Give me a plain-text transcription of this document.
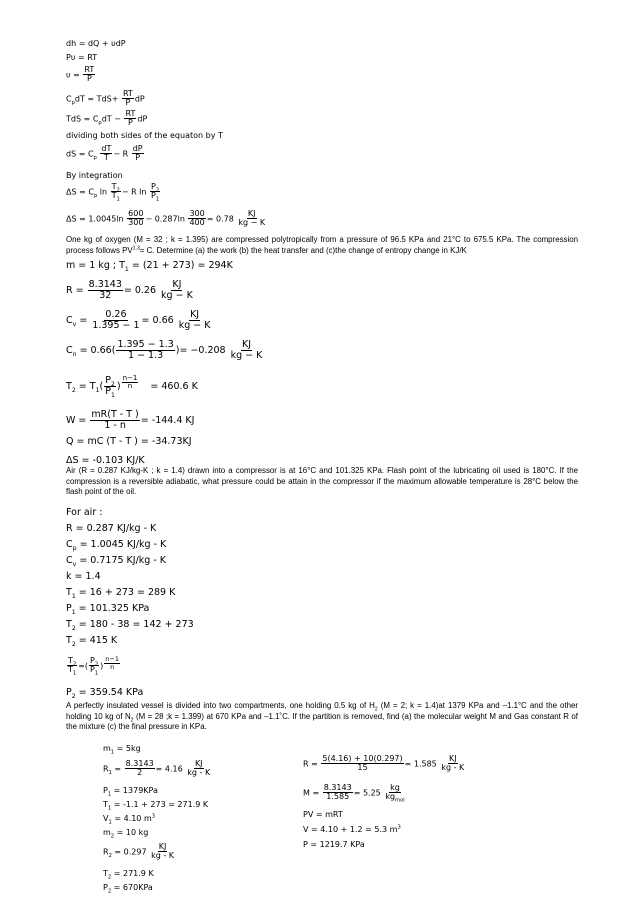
dh = dQ + υdP
Pυ = RT
$\upsilon = \frac{RT}{P}$
$C_pdT = TdS+ \frac{RT}{P}$ dP
TdS = $C_pdT - \frac{RT}{P}$ dP
dividing both sides of the equaton by T
dS = $C_p \frac{dT}{T} - R \frac{dP}{P}$
By integration
$\Delta S = C_p$ $\ln \frac{T_2}{T_1} - R$ $\ln \frac{P_2}{P_1}$
$\Delta S = 1.0045\ln \frac{600}{300} - 0.287\ln \frac{300}{400} = 0.78 \frac{KJ}{kg - K}$
One kg of oxygen (M = 32 ; k = 1.395) are compressed polytropically from a pressure of 96.5 KPa and 21°C to 675.5 KPa. The compression process follows $PV^{1.3}= C$. Determine (a) the work (b) the heat transfer and (c)the change of entropy change in KJ/K
m = 1 kg ; $T_1 = (21 + 273) = 294K$
$R = \frac{8.3143}{32} = 0.26 \frac{KJ}{kg - K}$
$C_v = \frac{0.26}{1.395 - 1} = 0.66 \frac{KJ}{kg - K}$
$C_n = 0.66( \frac{1.395 - 1.3}{1 - 1.3}$ )= $-0.208 \frac{KJ}{kg - K}$
$T_2 = T_1( \frac{P_2}{P_1}$ ) $^{\frac{n-1}{n}}$ = 460.6 K
$W = \frac{mR(T - T )}{1 - n} = -144.4$ KJ
Q = mC (T - T ) = -34.73KJ
ΔS = -0.103 KJ/K
Air (R = 0.287 KJ/kg-K ; k = 1.4) drawn into a compressor is at 16°C and 101.325 KPa. Flash point of the lubricating oil used is 180°C. If the compression is a reversible adiabatic, what pressure could be attain in the compressor if the maximum allowable temperature is 28°C below the flash point of the oil.
For air :
R = 0.287 KJ/kg - K
$C_p = 1.0045$ KJ/kg - K
$C_v = 0.7175$ KJ/kg - K
k = 1.4
$T_1 = 16 + 273 = 289$ K
$P_1 = 101.325$ KPa
$T_2 = 180 - 38 = 142 + 273$
$T_2 = 415$ K
$\frac{T_2}{T_1}$ =( $\frac{P_2}{P_1}$ ) $^{\frac{n-1}{n}}$
$P_2 = 359.54$ KPa
A perfectly insulated vessel is divided into two compartments, one holding 0.5 kg of $H_2$ (M = 2; k = 1.4)at 1379 KPa and –1.1°C and the other holding 10 kg of $N_2$ (M = 28 ;k = 1.399) at 670 KPa and –1.1˚C. If the partition is removed, find (a) the molecular weight M and Gas constant R of the mixture (c) the final pressure in KPa.
$m_1 = 5kg$
$R_1 = \frac{8.3143}{2} = 4.16 \frac{KJ}{kg - K}$
$P_1 = 1379KPa$
$T_1 = -1.1 + 273 = 271.9$ K
$V_1 = 4.10$ $m^3$
$m_2 = 10$ kg
$R_2 = 0.297 \frac{KJ}{kg - K}$
$T_2 = 271.9$ K
$P_2 = 670KPa$
$R = \frac{5(4.16) + 10(0.297)}{15} = 1.585 \frac{KJ}{kg - K}$
$M = \frac{8.3143}{1.585} = 5.25 \frac{kg}{kg_{mol}}$
PV = mRT
V = 4.10 + 1.2 = 5.3 $m^3$
P = 1219.7 KPa
